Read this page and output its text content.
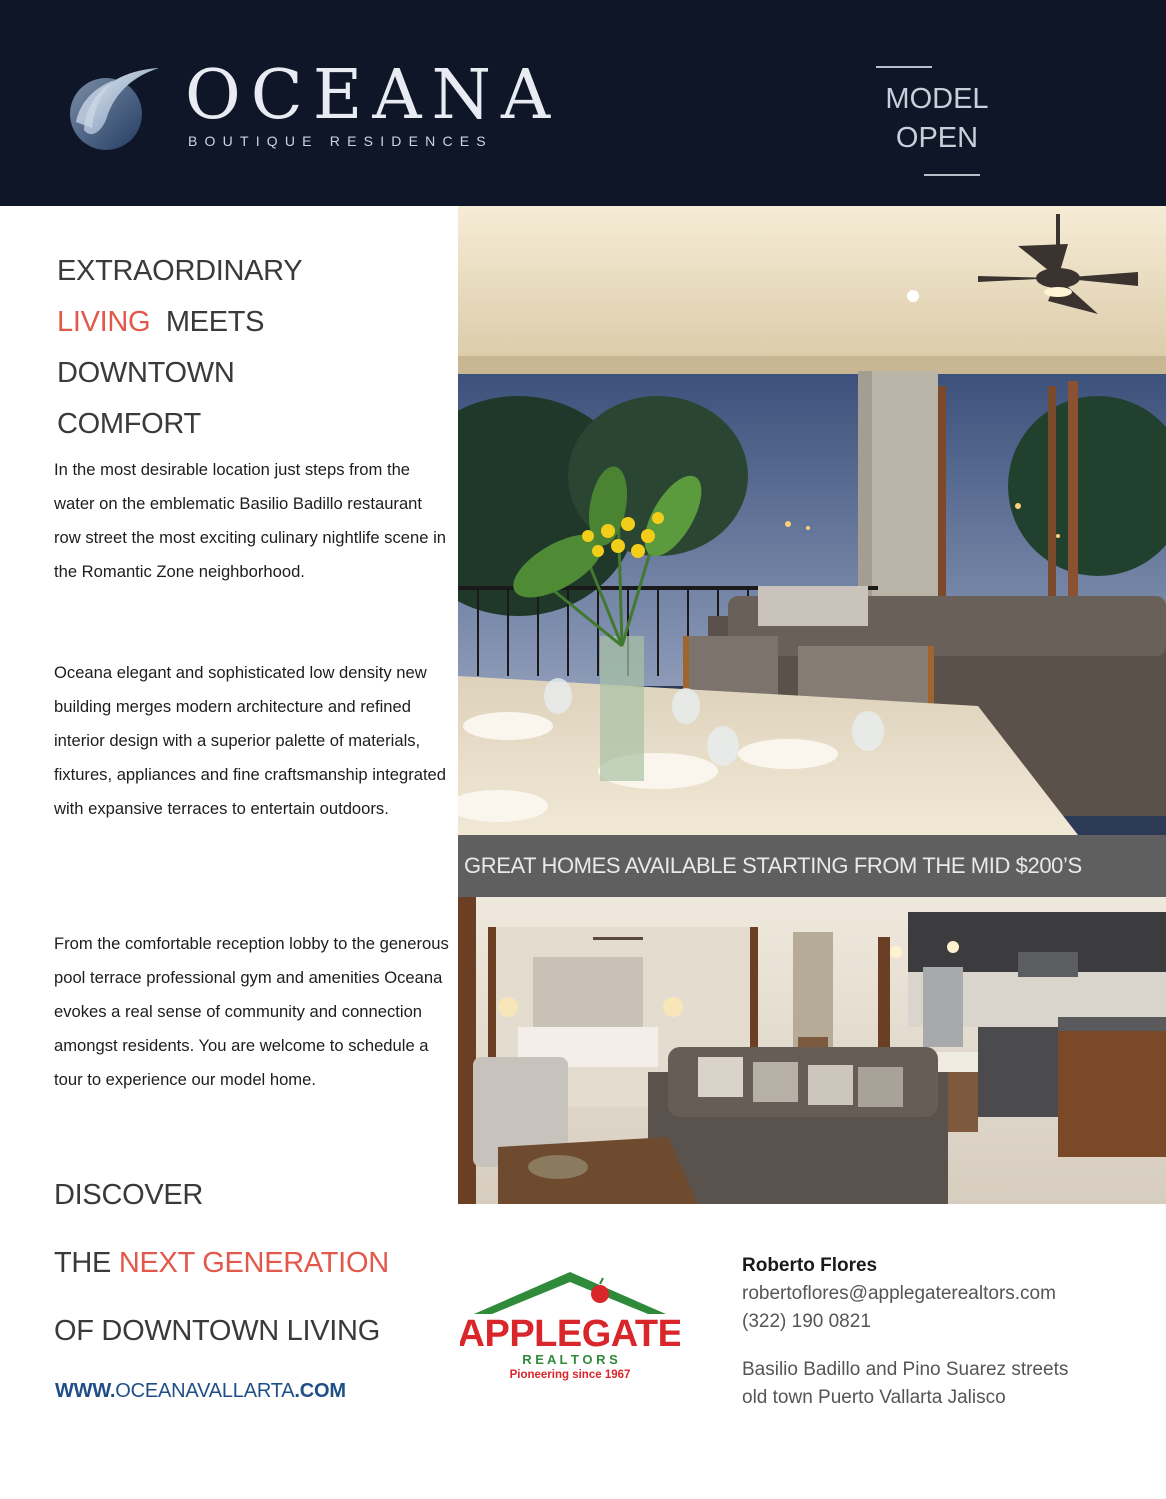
OCEANA
BOUTIQUE RESIDENCES
MODEL
OPEN
EXTRAORDINARY
LIVING MEETS
DOWNTOWN
COMFORT

In the most desirable location just steps from the water on the emblematic Basilio Badillo restaurant row street the most exciting culinary nightlife scene in the Romantic Zone neighborhood.

Oceana elegant and sophisticated low density new building merges modern architecture and refined interior design with a superior palette of materials, fixtures, appliances and fine craftsmanship integrated with expansive terraces to entertain outdoors.

From the comfortable reception lobby to the generous pool terrace professional gym and amenities Oceana evokes a real sense of community and connection amongst residents. You are welcome to schedule a tour to experience our model home.

DISCOVER
THE NEXT GENERATION
OF DOWNTOWN LIVING
WWW.OCEANAVALLARTA.COM
GREAT HOMES AVAILABLE STARTING FROM THE MID $200’S
APPLEGATE
R E A L T O R S
Pioneering since 1967
Roberto Flores
robertoflores@applegaterealtors.com
(322) 190 0821
Basilio Badillo and Pino Suarez streets
old town Puerto Vallarta Jalisco
